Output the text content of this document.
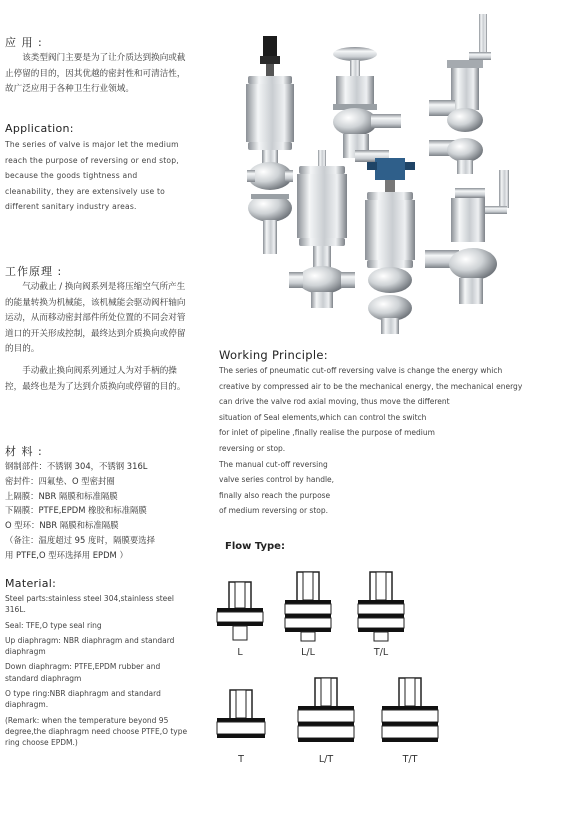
应 用 :

该类型阀门主要是为了让介质达到换向或截止停留的目的，因其优越的密封性和可清洁性，故广泛应用于各种卫生行业领域。

Application:

The series of valve is major let the medium reach the purpose of reversing or end stop, because the goods tightness and cleanability, they are extensively use to different sanitary industry areas.

工作原理 :

气动截止 / 换向阀系列是将压缩空气所产生的能量转换为机械能，该机械能会驱动阀杆轴向运动，从而移动密封部件所处位置的不同会对管道口的开关形成控制，最终达到介质换向或停留的目的。

手动截止换向阀系列通过人为对手柄的操控，最终也是为了达到介质换向或停留的目的。

材 料 :
钢制部件：不锈钢 304，不锈钢 316L
密封件：四氟垫、O 型密封圈
上隔膜：NBR 隔膜和标准隔膜
下隔膜：PTFE,EPDM 橡胶和标准隔膜
O 型环：NBR 隔膜和标准隔膜
（备注：温度超过 95 度时，隔膜要选择
用 PTFE,O 型环选择用 EPDM ）
Material:
Steel parts:stainless steel 304,stainless steel 316L.
Seal: TFE,O type seal ring
Up diaphragm: NBR diaphragm and standard diaphragm
Down diaphragm: PTFE,EPDM rubber and standard diaphragm
O type ring:NBR diaphragm and standard diaphragm.
(Remark: when the temperature beyond 95 degree,the diaphragm need choose PTFE,O type ring choose EPDM.)
Working Principle:
The series of pneumatic cut-off reversing valve is change the energy which
creative by compressed air to be the mechanical energy, the mechanical energy
can drive the valve rod axial moving, thus move the different
situation of Seal elements,which can control the switch
for inlet of pipeline ,finally realise the purpose of medium
reversing or stop.
The manual cut-off reversing
valve series control by handle,
finally also reach the purpose
of medium reversing or stop.
Flow Type:
L	L/L	T/L
T	L/T	T/T
